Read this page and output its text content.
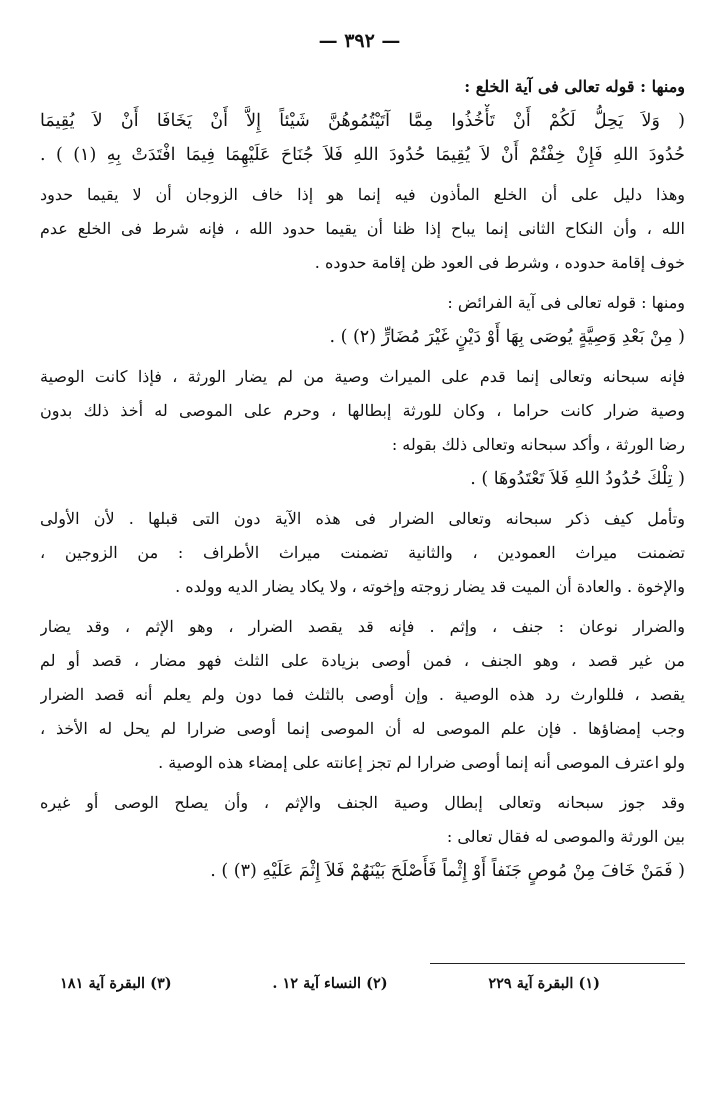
— ٣٩٢ —
ومنها : قوله تعالى فى آية الخلع :
( وَلاَ يَحِلُّ لَكُمْ أَنْ تَأْخُذُوا مِمَّا آتَيْتُمُوهُنَّ شَيْئاً إِلاَّ أَنْ يَخَافَا أَنْ لاَ يُقِيمَا
حُدُودَ اللهِ فَإِنْ خِفْتُمْ أَنْ لاَ يُقِيمَا حُدُودَ اللهِ فَلاَ جُنَاحَ عَلَيْهِمَا فِيمَا افْتَدَتْ بِهِ (١) ) .
وهذا دليل على أن الخلع المأذون فيه إنما هو إذا خاف الزوجان أن لا يقيما حدود
الله ، وأن النكاح الثانى إنما يباح إذا ظنا أن يقيما حدود الله ، فإنه شرط فى الخلع عدم
خوف إقامة حدوده ، وشرط فى العود ظن إقامة حدوده .
ومنها : قوله تعالى فى آية الفرائض :
( مِنْ بَعْدِ وَصِيَّةٍ يُوصَى بِهَا أَوْ دَيْنٍ غَيْرَ مُضَارٍّ (٢) ) .
فإنه سبحانه وتعالى إنما قدم على الميراث وصية من لم يضار الورثة ، فإذا كانت الوصية
وصية ضرار كانت حراما ، وكان للورثة إبطالها ، وحرم على الموصى له أخذ ذلك بدون
رضا الورثة ، وأكد سبحانه وتعالى ذلك بقوله :
( تِلْكَ حُدُودُ اللهِ فَلاَ تَعْتَدُوهَا ) .
وتأمل كيف ذكر سبحانه وتعالى الضرار فى هذه الآية دون التى قبلها . لأن الأولى
تضمنت ميراث العمودين ، والثانية تضمنت ميراث الأطراف : من الزوجين ،
والإخوة . والعادة أن الميت قد يضار زوجته وإخوته ، ولا يكاد يضار الديه وولده .
والضرار نوعان : جنف ، وإثم . فإنه قد يقصد الضرار ، وهو الإثم ، وقد يضار
من غير قصد ، وهو الجنف ، فمن أوصى بزيادة على الثلث فهو مضار ، قصد أو لم
يقصد ، فللوارث رد هذه الوصية . وإن أوصى بالثلث فما دون ولم يعلم أنه قصد الضرار
وجب إمضاؤها . فإن علم الموصى له أن الموصى إنما أوصى ضرارا لم يحل له الأخذ ،
ولو اعترف الموصى أنه إنما أوصى ضرارا لم تجز إعانته على إمضاء هذه الوصية .
وقد جوز سبحانه وتعالى إبطال وصية الجنف والإثم ، وأن يصلح الوصى أو غيره
بين الورثة والموصى له فقال تعالى :
( فَمَنْ خَافَ مِنْ مُوصٍ جَنَفاً أَوْ إِثْماً فَأَصْلَحَ بَيْنَهُمْ فَلاَ إِثْمَ عَلَيْهِ (٣) ) .
(١) البقرة آية ٢٢٩
(٢) النساء آية ١٢ .
(٣) البقرة آية ١٨١
